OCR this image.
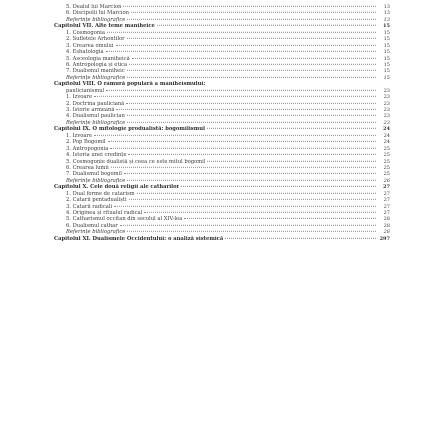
5. Dealul lui Marcion	13
6. Discipolii lui Marcion	13
Referințe bibliografice	13
Capitolul VII. Alte teme maniheice	15
1. Cosmogonia	15
2. Sufletele Arhontilor	15
3. Crearea omului	15
4. Eshatologia	15
5. Asceologia maniheică	15
6. Antropologia și etica	15
7. Dualismul maniheic	15
Referințe bibliografice	15
Capitolul VIII. O ramură populară a maniheismului:
paulicianismul	23
1. Izvoare	23
2. Doctrina pauliciană	23
3. Istorie armeană	23
4. Dualismul paulician	23
Referințe bibliografice	23
Capitolul IX. O mitologie produalistă: bogomilismul	24
1. Izvoare	24
2. Pop Bogomil	24
3. Antropogonia	25
4. Istoria unei credințe	25
5. Cosmogonie dualistă și ceea ce este mitul bogomil	25
6. Crearea lumii	25
7. Dualismul bogomil	25
Referințe bibliografice	26
Capitolul X. Cele două religii ale catharilor	27
1. Dual forme de catarism	27
2. Catarii pentadualiști	27
3. Catarii radicali	27
4. Originea și ritualul radical	27
5. Catharismul occitan din secolul al XIV-lea	28
6. Dualismul cathar	28
Referințe bibliografice	28
Capitolul XI. Dualismele Occidentului: o analiză sistemică	297
